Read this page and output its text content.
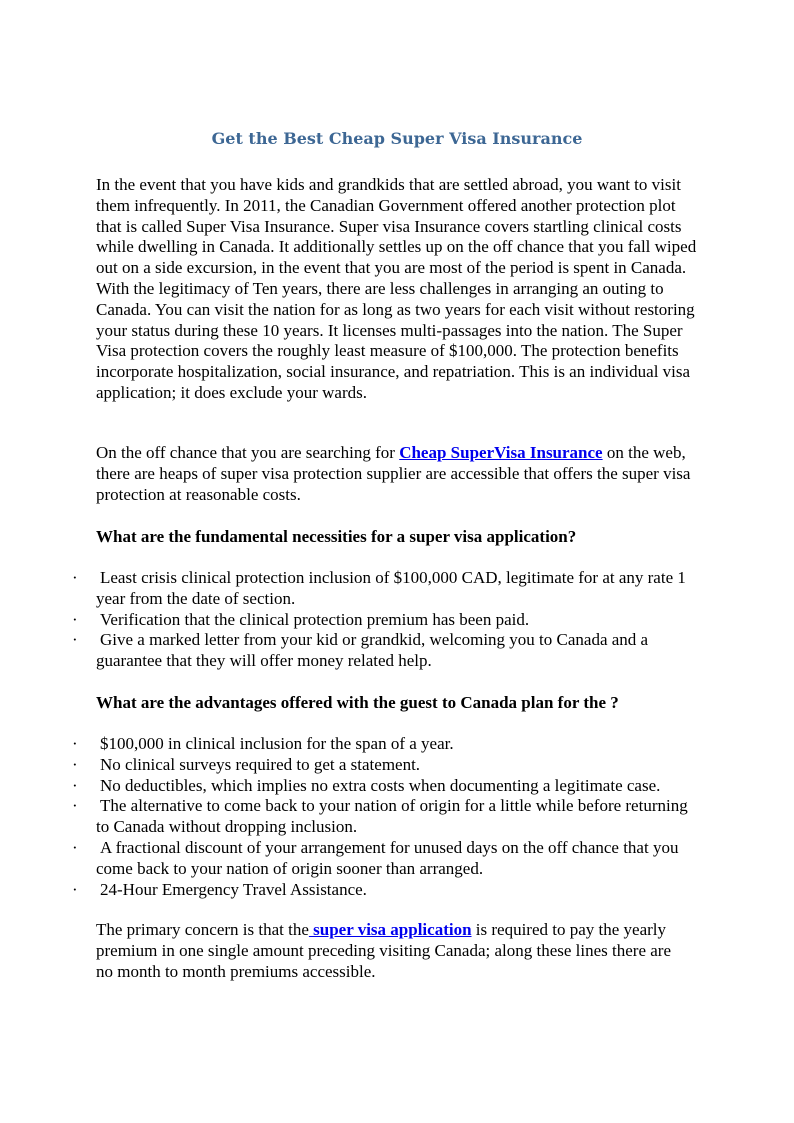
Get the Best Cheap Super Visa Insurance

In the event that you have kids and grandkids that are settled abroad, you want to visit them infrequently. In 2011, the Canadian Government offered another protection plot that is called Super Visa Insurance. Super visa Insurance covers startling clinical costs while dwelling in Canada. It additionally settles up on the off chance that you fall wiped out on a side excursion, in the event that you are most of the period is spent in Canada. With the legitimacy of Ten years, there are less challenges in arranging an outing to Canada. You can visit the nation for as long as two years for each visit without restoring your status during these 10 years. It licenses multi-passages into the nation. The Super Visa protection covers the roughly least measure of $100,000. The protection benefits incorporate hospitalization, social insurance, and repatriation. This is an individual visa application; it does exclude your wards.

On the off chance that you are searching for Cheap SuperVisa Insurance on the web, there are heaps of super visa protection supplier are accessible that offers the super visa protection at reasonable costs.

What are the fundamental necessities for a super visa application?
· Least crisis clinical protection inclusion of $100,000 CAD, legitimate for at any rate 1 year from the date of section.
· Verification that the clinical protection premium has been paid.
· Give a marked letter from your kid or grandkid, welcoming you to Canada and a guarantee that they will offer money related help.
What are the advantages offered with the guest to Canada plan for the ?
· $100,000 in clinical inclusion for the span of a year.
· No clinical surveys required to get a statement.
· No deductibles, which implies no extra costs when documenting a legitimate case.
· The alternative to come back to your nation of origin for a little while before returning to Canada without dropping inclusion.
· A fractional discount of your arrangement for unused days on the off chance that you come back to your nation of origin sooner than arranged.
· 24-Hour Emergency Travel Assistance.

The primary concern is that the super visa application is required to pay the yearly premium in one single amount preceding visiting Canada; along these lines there are no month to month premiums accessible.
